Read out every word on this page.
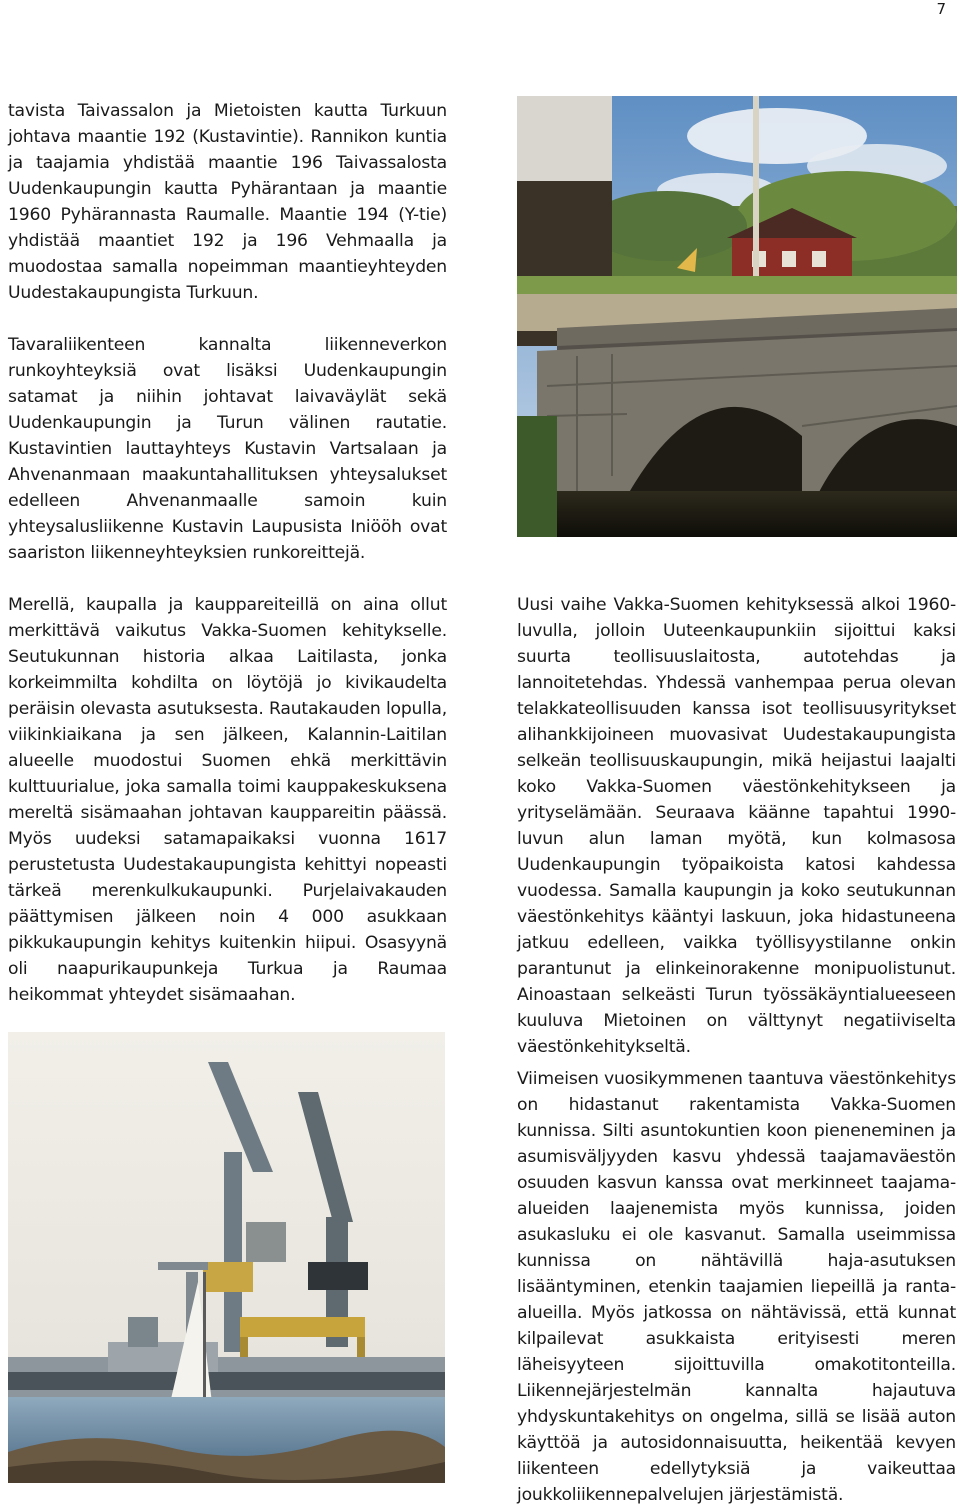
7

tavista Taivassalon ja Mietoisten kautta Turkuun johtava maantie 192 (Kustavintie). Rannikon kuntia ja taajamia yhdistää maantie 196 Taivassalosta Uudenkaupungin kautta Pyhärantaan ja maantie 1960 Pyhärannasta Raumalle. Maantie 194 (Y-tie) yhdistää maantiet 192 ja 196 Vehmaalla ja muodostaa samalla nopeimman maantieyhteyden Uudestakaupungista Turkuun.

Tavaraliikenteen kannalta liikenneverkon runkoyhteyksiä ovat lisäksi Uudenkaupungin satamat ja niihin johtavat laivaväylät sekä Uudenkaupungin ja Turun välinen rautatie. Kustavintien lauttayhteys Kustavin Vartsalaan ja Ahvenanmaan maakuntahallituksen yhteysalukset edelleen Ahvenanmaalle samoin kuin yhteysalusliikenne Kustavin Laupusista Iniööh ovat saariston liikenneyhteyksien runkoreittejä.

Merellä, kaupalla ja kauppareiteillä on aina ollut merkittävä vaikutus Vakka-Suomen kehitykselle. Seutukunnan historia alkaa Laitilasta, jonka korkeimmilta kohdilta on löytöjä jo kivikaudelta peräisin olevasta asutuksesta. Rautakauden lopulla, viikinkiaikana ja sen jälkeen, Kalannin-Laitilan alueelle muodostui Suomen ehkä merkittävin kulttuurialue, joka samalla toimi kauppakeskuksena mereltä sisämaahan johtavan kauppareitin päässä. Myös uudeksi satamapaikaksi vuonna 1617 perustetusta Uudestakaupungista kehittyi nopeasti tärkeä merenkulkukaupunki. Purjelaivakauden päättymisen jälkeen noin 4 000 asukkaan pikkukaupungin kehitys kuitenkin hiipui. Osasyynä oli naapurikaupunkeja Turkua ja Raumaa heikommat yhteydet sisämaahan.

Uusi vaihe Vakka-Suomen kehityksessä alkoi 1960-luvulla, jolloin Uuteenkaupunkiin sijoittui kaksi suurta teollisuuslaitosta, autotehdas ja lannoitetehdas. Yhdessä vanhempaa perua olevan telakkateollisuuden kanssa isot teollisuusyritykset alihankkijoineen muovasivat Uudestakaupungista selkeän teollisuuskaupungin, mikä heijastui laajalti koko Vakka-Suomen väestönkehitykseen ja yrityselämään. Seuraava käänne tapahtui 1990-luvun alun laman myötä, kun kolmasosa Uudenkaupungin työpaikoista katosi kahdessa vuodessa. Samalla kaupungin ja koko seutukunnan väestönkehitys kääntyi laskuun, joka hidastuneena jatkuu edelleen, vaikka työllisyystilanne onkin parantunut ja elinkeinorakenne monipuolistunut. Ainoastaan selkeästi Turun työssäkäyntialueeseen kuuluva Mietoinen on välttynyt negatiiviselta väestönkehitykseltä.

Viimeisen vuosikymmenen taantuva väestönkehitys on hidastanut rakentamista Vakka-Suomen kunnissa. Silti asuntokuntien koon pieneneminen ja asumisväljyyden kasvu yhdessä taajamaväestön osuuden kasvun kanssa ovat merkinneet taajama-alueiden laajenemista myös kunnissa, joiden asukasluku ei ole kasvanut. Samalla useimmissa kunnissa on nähtävillä haja-asutuksen lisääntyminen, etenkin taajamien liepeillä ja ranta-alueilla. Myös jatkossa on nähtävissä, että kunnat kilpailevat asukkaista erityisesti meren läheisyyteen sijoittuvilla omakotitonteilla. Liikennejärjestelmän kannalta hajautuva yhdyskuntakehitys on ongelma, sillä se lisää auton käyttöä ja autosidonnaisuutta, heikentää kevyen liikenteen edellytyksiä ja vaikeuttaa joukkoliikennepalvelujen järjestämistä.
